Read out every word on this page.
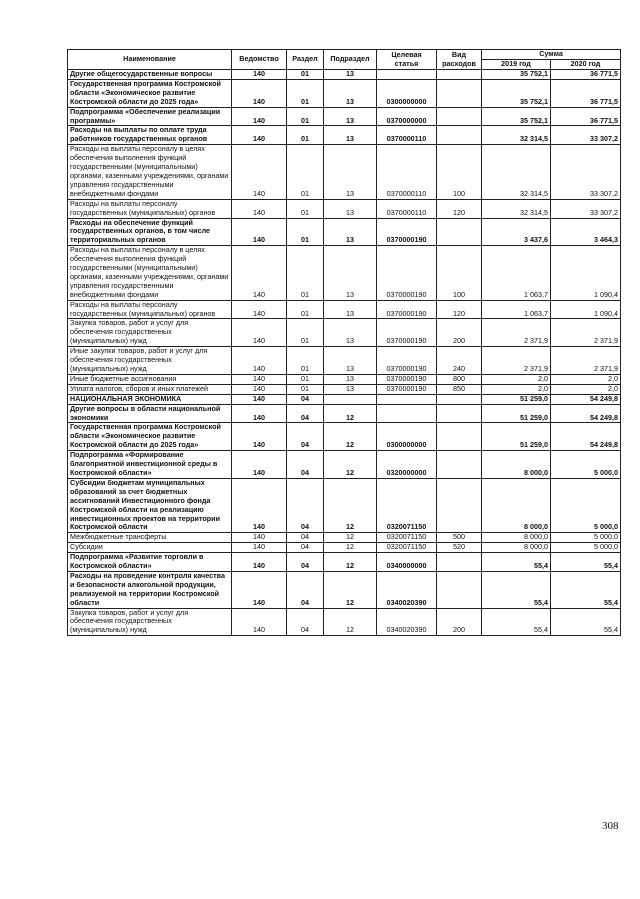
Наименование	Ведомство	Раздел	Подраздел	Целевая статья	Вид расходов	Сумма	
						2019 год	2020 год
Другие общегосударственные вопросы	140	01	13			35 752,1	36 771,5
Государственная программа Костромской области «Экономическое развитие Костромской области до 2025 года»	140	01	13	0300000000		35 752,1	36 771,5
Подпрограмма «Обеспечение реализации программы»	140	01	13	0370000000		35 752,1	36 771,5
Расходы на выплаты по оплате труда работников государственных органов	140	01	13	0370000110		32 314,5	33 307,2
Расходы на выплаты персоналу в целях обеспечения выполнения функций государственными (муниципальными) органами, казенными учреждениями, органами управления государственными внебюджетными фондами	140	01	13	0370000110	100	32 314,5	33 307,2
Расходы на выплаты персоналу государственных (муниципальных) органов	140	01	13	0370000110	120	32 314,5	33 307,2
Расходы на обеспечение функций государственных органов, в том числе территориальных органов	140	01	13	0370000190		3 437,6	3 464,3
Расходы на выплаты персоналу в целях обеспечения выполнения функций государственными (муниципальными) органами, казенными учреждениями, органами управления государственными внебюджетными фондами	140	01	13	0370000190	100	1 063,7	1 090,4
Расходы на выплаты персоналу государственных (муниципальных) органов	140	01	13	0370000190	120	1 063,7	1 090,4
Закупка товаров, работ и услуг для обеспечения государственных (муниципальных) нужд	140	01	13	0370000190	200	2 371,9	2 371,9
Иные закупки товаров, работ и услуг для обеспечения государственных (муниципальных) нужд	140	01	13	0370000190	240	2 371,9	2 371,9
Иные бюджетные ассигнования	140	01	13	0370000190	800	2,0	2,0
Уплата налогов, сборов и иных платежей	140	01	13	0370000190	850	2,0	2,0
НАЦИОНАЛЬНАЯ ЭКОНОМИКА	140	04				51 259,0	54 249,8
Другие вопросы в области национальной экономики	140	04	12			51 259,0	54 249,8
Государственная программа Костромской области «Экономическое развитие Костромской области до 2025 года»	140	04	12	0300000000		51 259,0	54 249,8
Подпрограмма «Формирование благоприятной инвестиционной среды в Костромской области»	140	04	12	0320000000		8 000,0	5 000,0
Субсидии бюджетам муниципальных образований за счет бюджетных ассигнований Инвестиционного фонда Костромской области на реализацию инвестиционных проектов на территории Костромской области	140	04	12	0320071150		8 000,0	5 000,0
Межбюджетные трансферты	140	04	12	0320071150	500	8 000,0	5 000,0
Субсидии	140	04	12	0320071150	520	8 000,0	5 000,0
Подпрограмма «Развитие торговли в Костромской области»	140	04	12	0340000000		55,4	55,4
Расходы на проведение контроля качества и безопасности алкогольной продукции, реализуемой на территории Костромской области	140	04	12	0340020390		55,4	55,4
Закупка товаров, работ и услуг для обеспечения государственных (муниципальных) нужд	140	04	12	0340020390	200	55,4	55,4
308
